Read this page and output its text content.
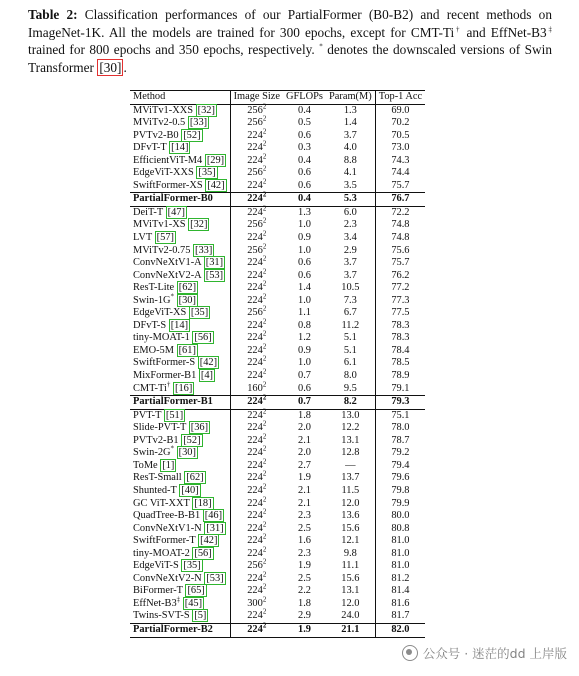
Table 2: Classification performances of our PartialFormer (B0-B2) and recent methods on ImageNet-1K. All the models are trained for 300 epochs, except for CMT-Ti† and EffNet-B3‡ trained for 800 epochs and 350 epochs, respectively. * denotes the downscaled versions of Swin Transformer [30] .
Method	Image Size	GFLOPs	Param(M)	Top-1 Acc
MViTv1-XXS [32]	$256^2$	0.4	1.3	69.0
MViTv2-0.5 [33]	$256^2$	0.5	1.4	70.2
PVTv2-B0 [52]	$224^2$	0.6	3.7	70.5
DFvT-T [14]	$224^2$	0.3	4.0	73.0
EfficientViT-M4 [29]	$224^2$	0.4	8.8	74.3
EdgeViT-XXS [35]	$256^2$	0.6	4.1	74.4
SwiftFormer-XS [42]	$224^2$	0.6	3.5	75.7
PartialFormer-B0	$224^2$	0.4	5.3	76.7
DeiT-T [47]	$224^2$	1.3	6.0	72.2
MViTv1-XS [32]	$256^2$	1.0	2.3	74.8
LVT [57]	$224^2$	0.9	3.4	74.8
MViTv2-0.75 [33]	$256^2$	1.0	2.9	75.6
ConvNeXtV1-A [31]	$224^2$	0.6	3.7	75.7
ConvNeXtV2-A [53]	$224^2$	0.6	3.7	76.2
ResT-Lite [62]	$224^2$	1.4	10.5	77.2
Swin-1G* [30]	$224^2$	1.0	7.3	77.3
EdgeViT-XS [35]	$256^2$	1.1	6.7	77.5
DFvT-S [14]	$224^2$	0.8	11.2	78.3
tiny-MOAT-1 [56]	$224^2$	1.2	5.1	78.3
EMO-5M [61]	$224^2$	0.9	5.1	78.4
SwiftFormer-S [42]	$224^2$	1.0	6.1	78.5
MixFormer-B1 [4]	$224^2$	0.7	8.0	78.9
CMT-Ti† [16]	$160^2$	0.6	9.5	79.1
PartialFormer-B1	$224^2$	0.7	8.2	79.3
PVT-T [51]	$224^2$	1.8	13.0	75.1
Slide-PVT-T [36]	$224^2$	2.0	12.2	78.0
PVTv2-B1 [52]	$224^2$	2.1	13.1	78.7
Swin-2G* [30]	$224^2$	2.0	12.8	79.2
ToMe [1]	$224^2$	2.7	—	79.4
ResT-Small [62]	$224^2$	1.9	13.7	79.6
Shunted-T [40]	$224^2$	2.1	11.5	79.8
GC ViT-XXT [18]	$224^2$	2.1	12.0	79.9
QuadTree-B-B1 [46]	$224^2$	2.3	13.6	80.0
ConvNeXtV1-N [31]	$224^2$	2.5	15.6	80.8
SwiftFormer-T [42]	$224^2$	1.6	12.1	81.0
tiny-MOAT-2 [56]	$224^2$	2.3	9.8	81.0
EdgeViT-S [35]	$256^2$	1.9	11.1	81.0
ConvNeXtV2-N [53]	$224^2$	2.5	15.6	81.2
BiFormer-T [65]	$224^2$	2.2	13.1	81.4
EffNet-B3‡ [45]	$300^2$	1.8	12.0	81.6
Twins-SVT-S [5]	$224^2$	2.9	24.0	81.7
PartialFormer-B2	$224^2$	1.9	21.1	82.0
公众号 · 迷茫的dd 上岸版
